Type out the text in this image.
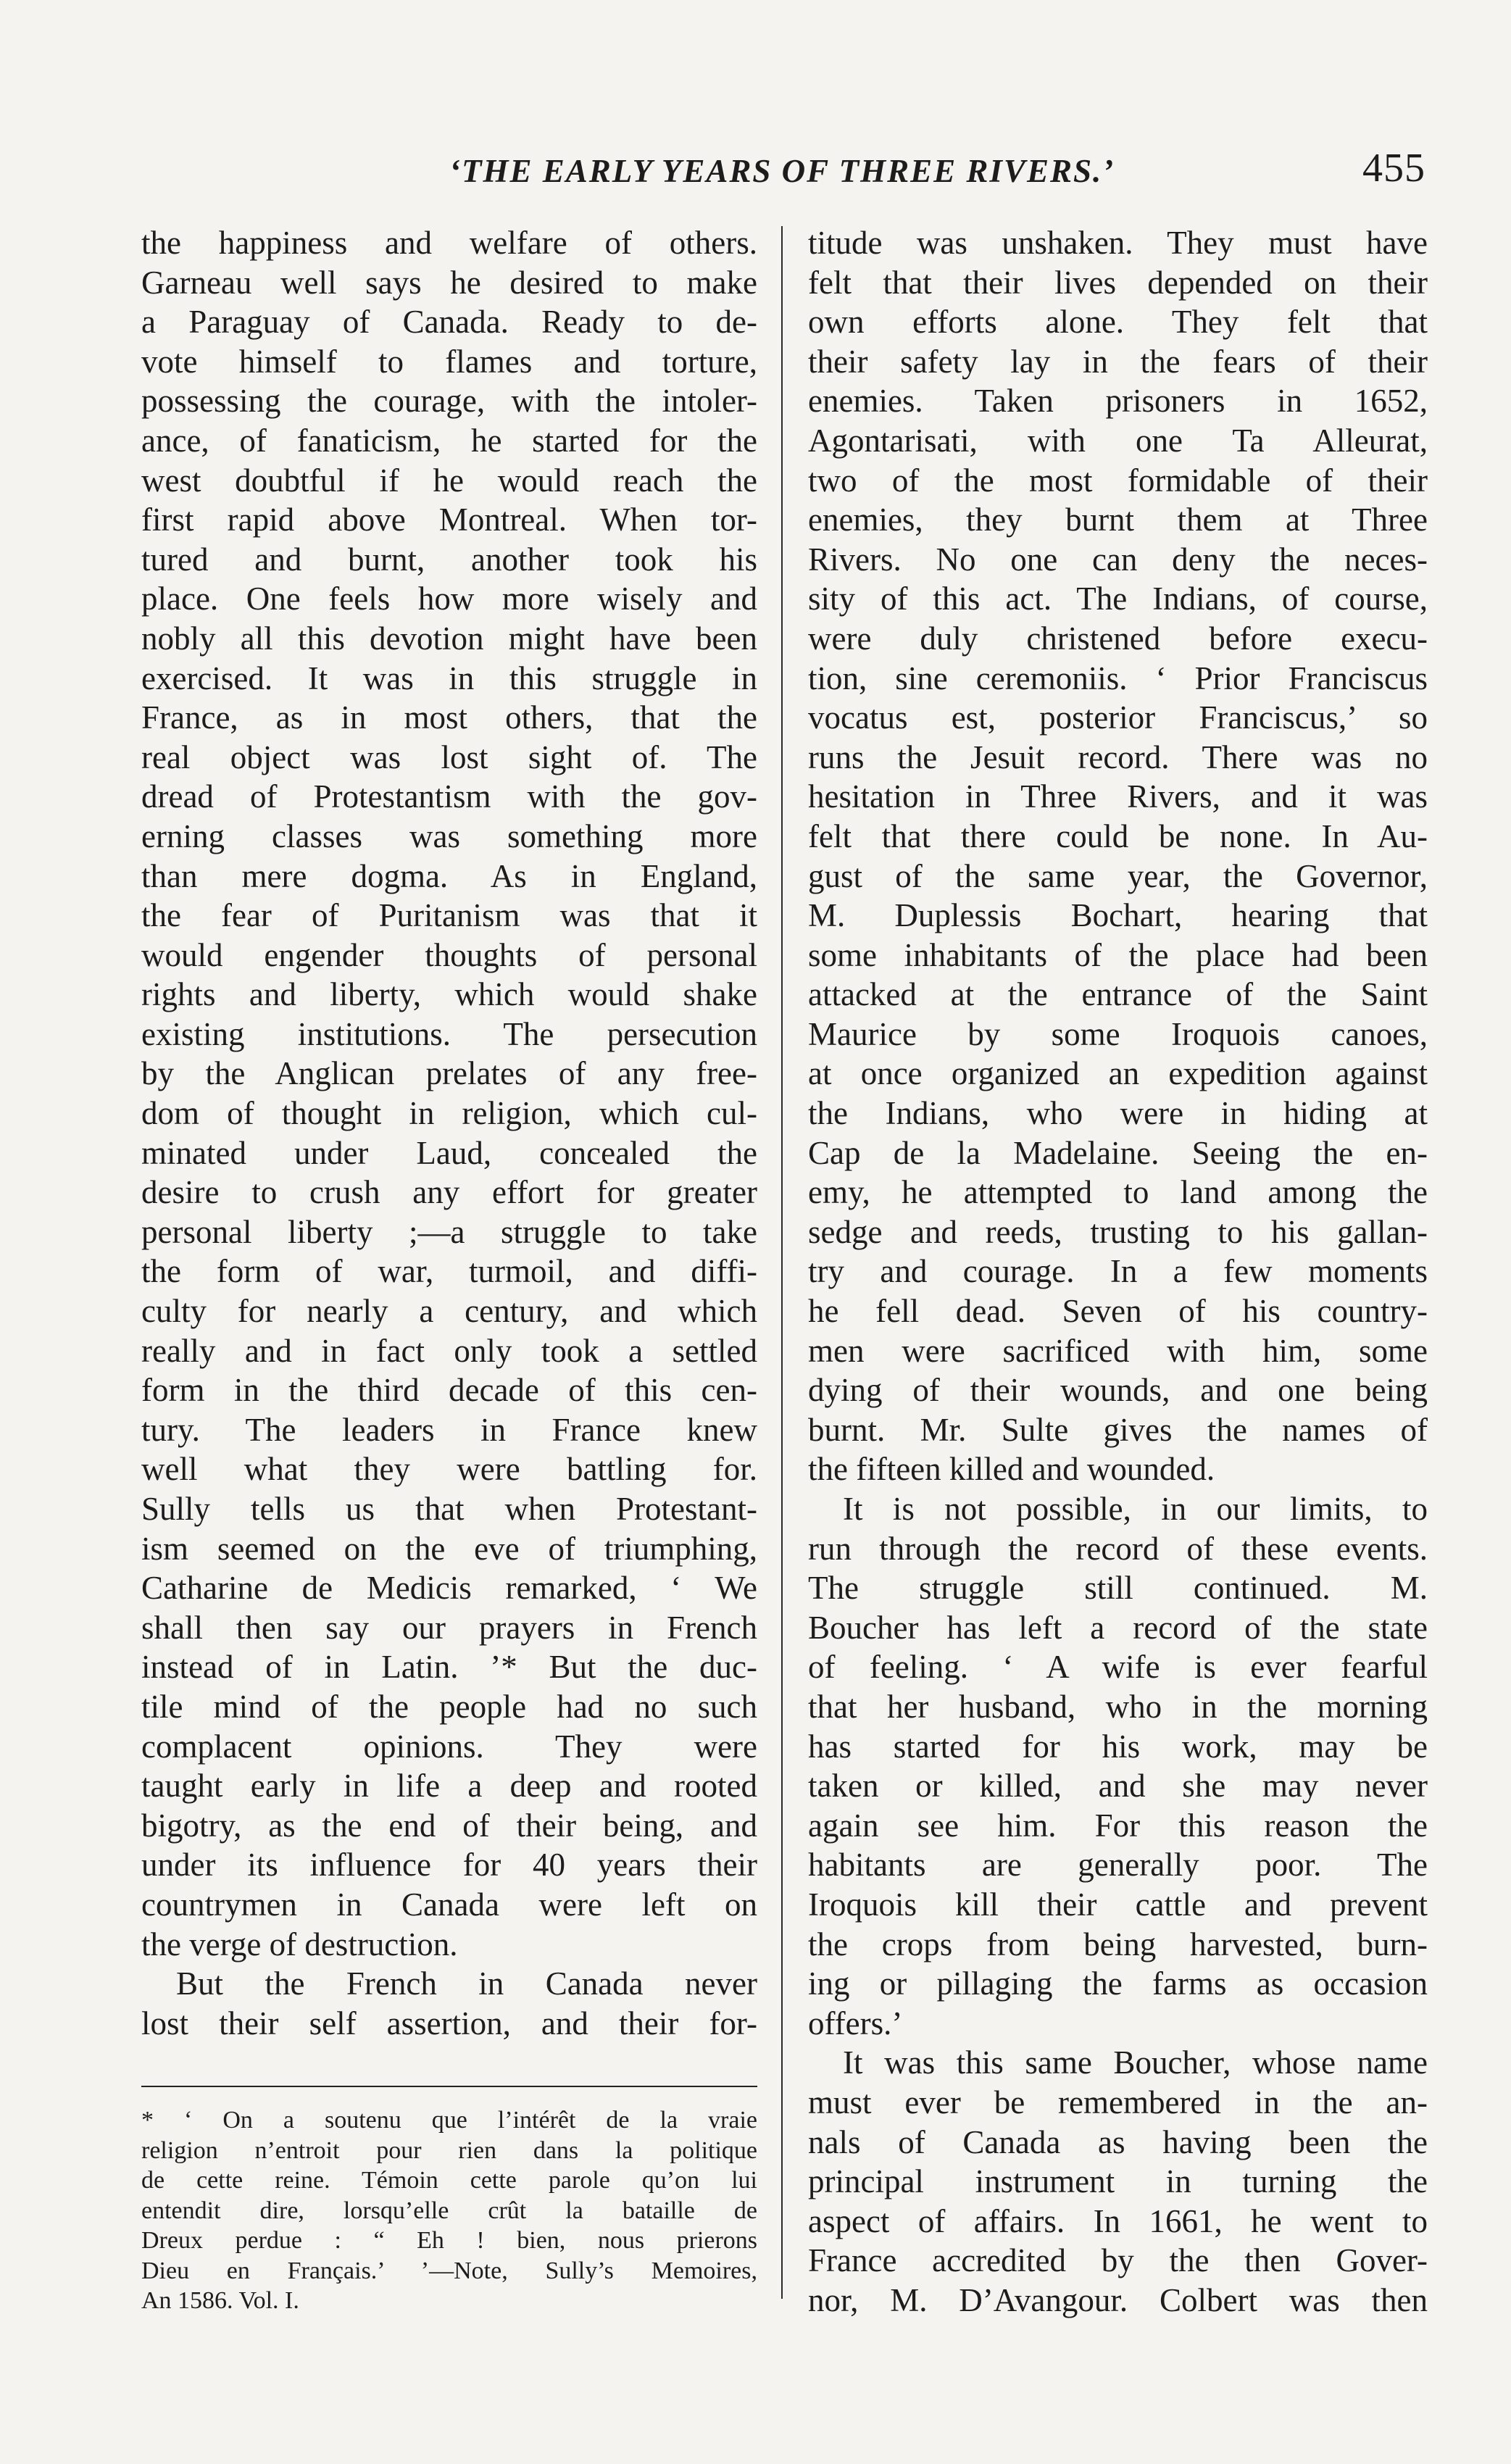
‘THE EARLY YEARS OF THREE RIVERS.’	455
the happiness and welfare of others.
Garneau well says he desired to make
a Paraguay of Canada. Ready to de-
vote himself to flames and torture,
possessing the courage, with the intoler-
ance, of fanaticism, he started for the
west doubtful if he would reach the
first rapid above Montreal. When tor-
tured and burnt, another took his
place. One feels how more wisely and
nobly all this devotion might have been
exercised. It was in this struggle in
France, as in most others, that the
real object was lost sight of. The
dread of Protestantism with the gov-
erning classes was something more
than mere dogma. As in England,
the fear of Puritanism was that it
would engender thoughts of personal
rights and liberty, which would shake
existing institutions. The persecution
by the Anglican prelates of any free-
dom of thought in religion, which cul-
minated under Laud, concealed the
desire to crush any effort for greater
personal liberty ;—a struggle to take
the form of war, turmoil, and diffi-
culty for nearly a century, and which
really and in fact only took a settled
form in the third decade of this cen-
tury. The leaders in France knew
well what they were battling for.
Sully tells us that when Protestant-
ism seemed on the eve of triumphing,
Catharine de Medicis remarked, ‘ We
shall then say our prayers in French
instead of in Latin. ’* But the duc-
tile mind of the people had no such
complacent opinions. They were
taught early in life a deep and rooted
bigotry, as the end of their being, and
under its influence for 40 years their
countrymen in Canada were left on
the verge of destruction.
But the French in Canada never
lost their self assertion, and their for-
titude was unshaken. They must have
felt that their lives depended on their
own efforts alone. They felt that
their safety lay in the fears of their
enemies. Taken prisoners in 1652,
Agontarisati, with one Ta Alleurat,
two of the most formidable of their
enemies, they burnt them at Three
Rivers. No one can deny the neces-
sity of this act. The Indians, of course,
were duly christened before execu-
tion, sine ceremoniis. ‘ Prior Franciscus
vocatus est, posterior Franciscus,’ so
runs the Jesuit record. There was no
hesitation in Three Rivers, and it was
felt that there could be none. In Au-
gust of the same year, the Governor,
M. Duplessis Bochart, hearing that
some inhabitants of the place had been
attacked at the entrance of the Saint
Maurice by some Iroquois canoes,
at once organized an expedition against
the Indians, who were in hiding at
Cap de la Madelaine. Seeing the en-
emy, he attempted to land among the
sedge and reeds, trusting to his gallan-
try and courage. In a few moments
he fell dead. Seven of his country-
men were sacrificed with him, some
dying of their wounds, and one being
burnt. Mr. Sulte gives the names of
the fifteen killed and wounded.
It is not possible, in our limits, to
run through the record of these events.
The struggle still continued. M.
Boucher has left a record of the state
of feeling. ‘ A wife is ever fearful
that her husband, who in the morning
has started for his work, may be
taken or killed, and she may never
again see him. For this reason the
habitants are generally poor. The
Iroquois kill their cattle and prevent
the crops from being harvested, burn-
ing or pillaging the farms as occasion
offers.’
It was this same Boucher, whose name
must ever be remembered in the an-
nals of Canada as having been the
principal instrument in turning the
aspect of affairs. In 1661, he went to
France accredited by the then Gover-
nor, M. D’Avangour. Colbert was then
* ‘ On a soutenu que l’intérêt de la vraie
religion n’entroit pour rien dans la politique
de cette reine. Témoin cette parole qu’on lui
entendit dire, lorsqu’elle crût la bataille de
Dreux perdue : “ Eh ! bien, nous prierons
Dieu en Français.’ ’—Note, Sully’s Memoires,
An 1586. Vol. I.
